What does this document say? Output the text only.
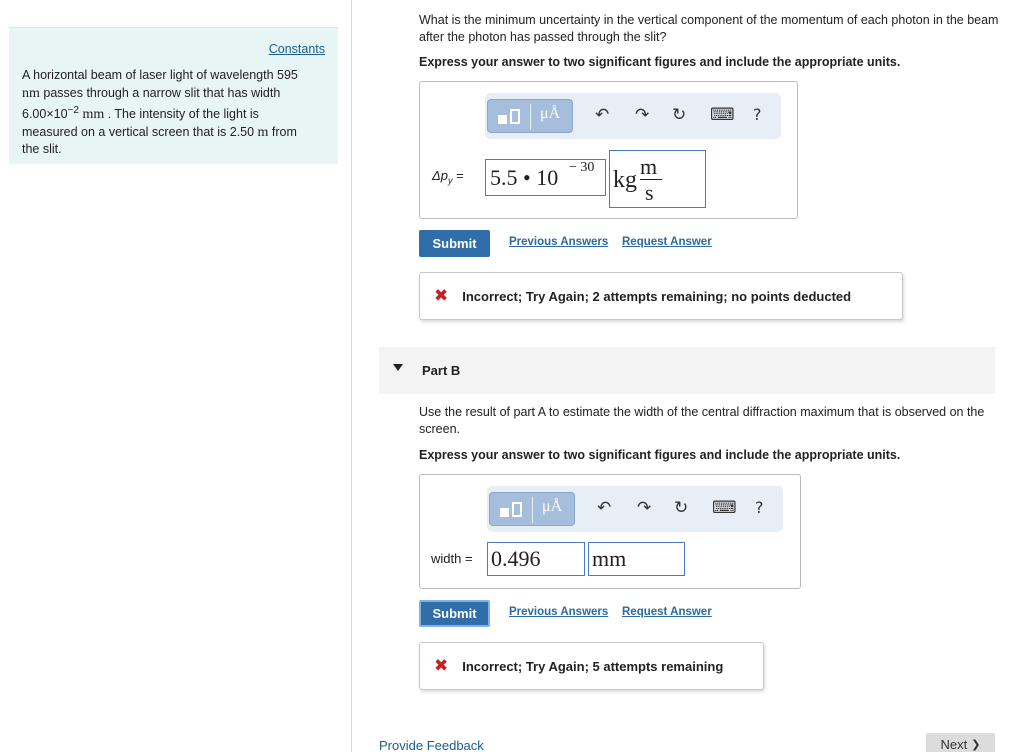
Constants
A horizontal beam of laser light of wavelength 595
nm passes through a narrow slit that has width
$6.00\times 10^{-2}$ mm . The intensity of the light is
measured on a vertical screen that is 2.50 m from
the slit.
What is the minimum uncertainty in the vertical component of the momentum of each photon in the beam after the photon has passed through the slit?
Express your answer to two significant figures and include the appropriate units.
μÅ ↶ ↷ ↻ ⌨ ?
$\Delta p_y = 5.5$ • 10 − 30 kg
m
s
Submit	Previous Answers Request Answer
✖ Incorrect; Try Again; 2 attempts remaining; no points deducted
Part B
Use the result of part A to estimate the width of the central diffraction maximum that is observed on the screen.
Express your answer to two significant figures and include the appropriate units.
μÅ ↶ ↷ ↻ ⌨ ?
width = 0.496 mm
Submit	Previous Answers Request Answer
✖ Incorrect; Try Again; 5 attempts remaining
Provide Feedback	Next ❯
